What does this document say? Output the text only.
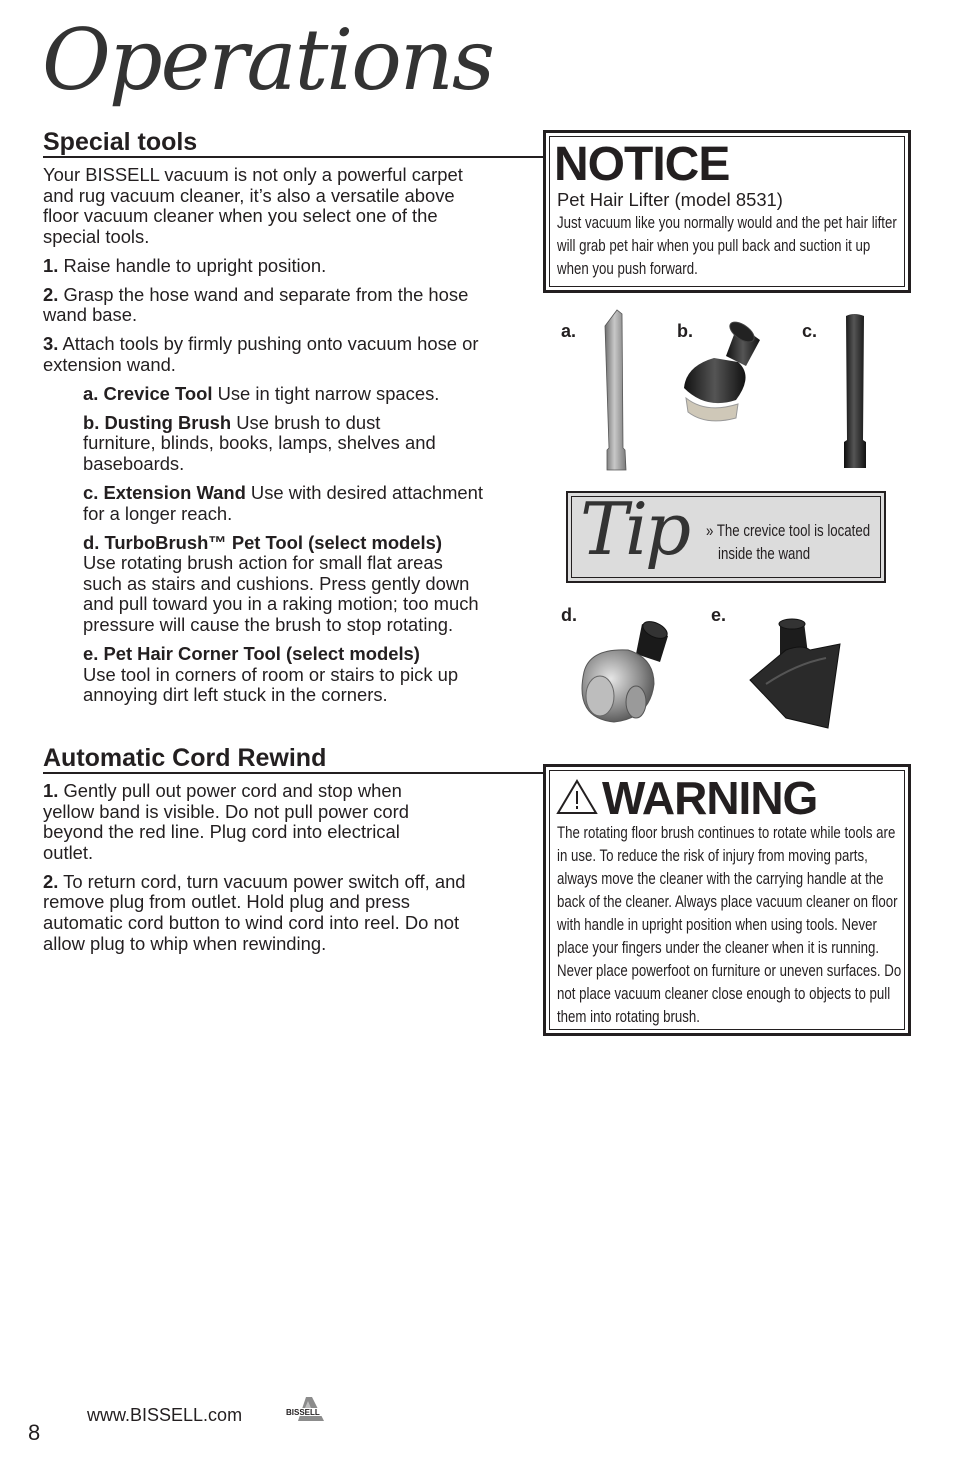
Operations
Special tools

Your BISSELL vacuum is not only a powerful carpet and rug vacuum cleaner, it’s also a versatile above floor vacuum cleaner when you select one of the special tools.

1. Raise handle to upright position.

2. Grasp the hose wand and separate from the hose wand base.

3. Attach tools by firmly pushing onto vacuum hose or extension wand.

a. Crevice Tool Use in tight narrow spaces.

b. Dusting Brush Use brush to dust furniture, blinds, books, lamps, shelves and baseboards.

c. Extension Wand Use with desired attachment for a longer reach.

d. TurboBrush™ Pet Tool (select models)
Use rotating brush action for small flat areas such as stairs and cushions. Press gently down and pull toward you in a raking motion; too much pressure will cause the brush to stop rotating.

e. Pet Hair Corner Tool (select models)
Use tool in corners of room or stairs to pick up annoying dirt left stuck in the corners.

Automatic Cord Rewind

1. Gently pull out power cord and stop when yellow band is visible. Do not pull power cord beyond the red line. Plug cord into electrical outlet.

2. To return cord, turn vacuum power switch off, and remove plug from outlet. Hold plug and press automatic cord button to wind cord into reel. Do not allow plug to whip when rewinding.

NOTICE
Pet Hair Lifter (model 8531)
Just vacuum like you normally would and the pet hair lifter will grab pet hair when you pull back and suction it up when you push forward.
a.	b.	c.
Tip » The crevice tool is located
inside the wand
d.	e.
WARNING
The rotating floor brush continues to rotate while tools are in use. To reduce the risk of injury from moving parts, always move the cleaner with the carrying handle at the back of the cleaner. Always place vacuum cleaner on floor with handle in upright position when using tools. Never place your fingers under the cleaner when it is running. Never place powerfoot on furniture or uneven surfaces. Do not place vacuum cleaner close enough to objects to pull them into rotating brush.
8
www.BISSELL.com	BISSELL
